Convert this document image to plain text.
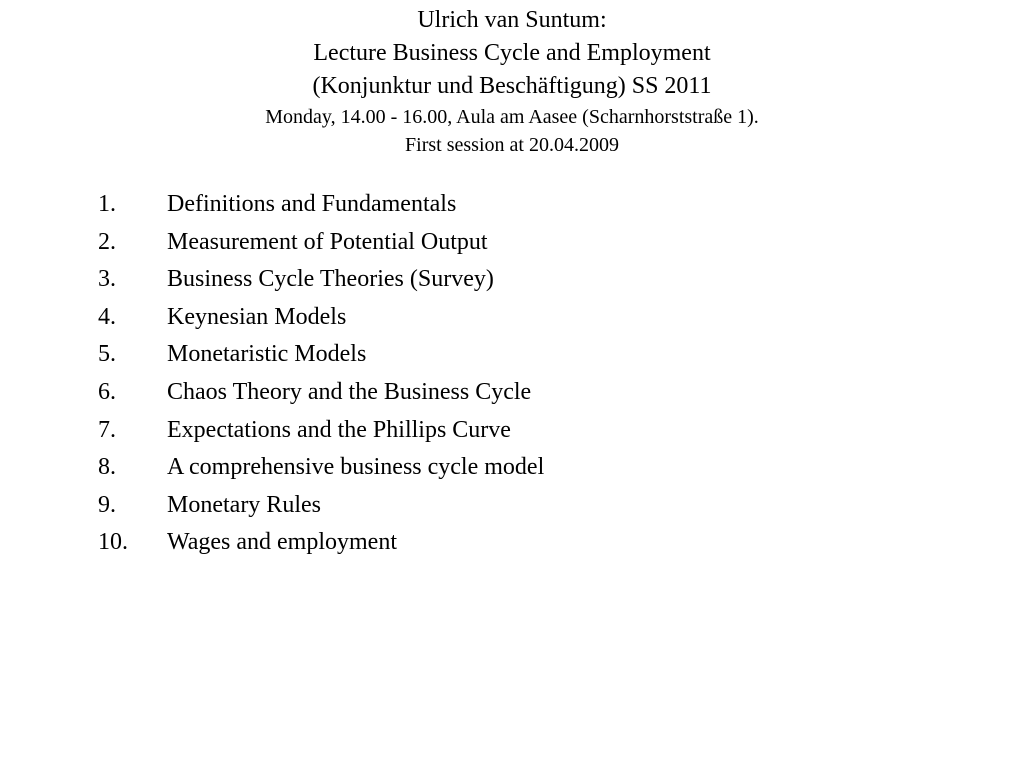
Ulrich van Suntum:
Lecture Business Cycle and Employment
(Konjunktur und Beschäftigung) SS 2011
Monday, 14.00 - 16.00, Aula am Aasee (Scharnhorststraße 1).
First session at 20.04.2009
1. Definitions and Fundamentals
2. Measurement of Potential Output
3. Business Cycle Theories (Survey)
4. Keynesian Models
5. Monetaristic Models
6. Chaos Theory and the Business Cycle
7. Expectations and the Phillips Curve
8. A comprehensive business cycle model
9. Monetary Rules
10. Wages and employment
